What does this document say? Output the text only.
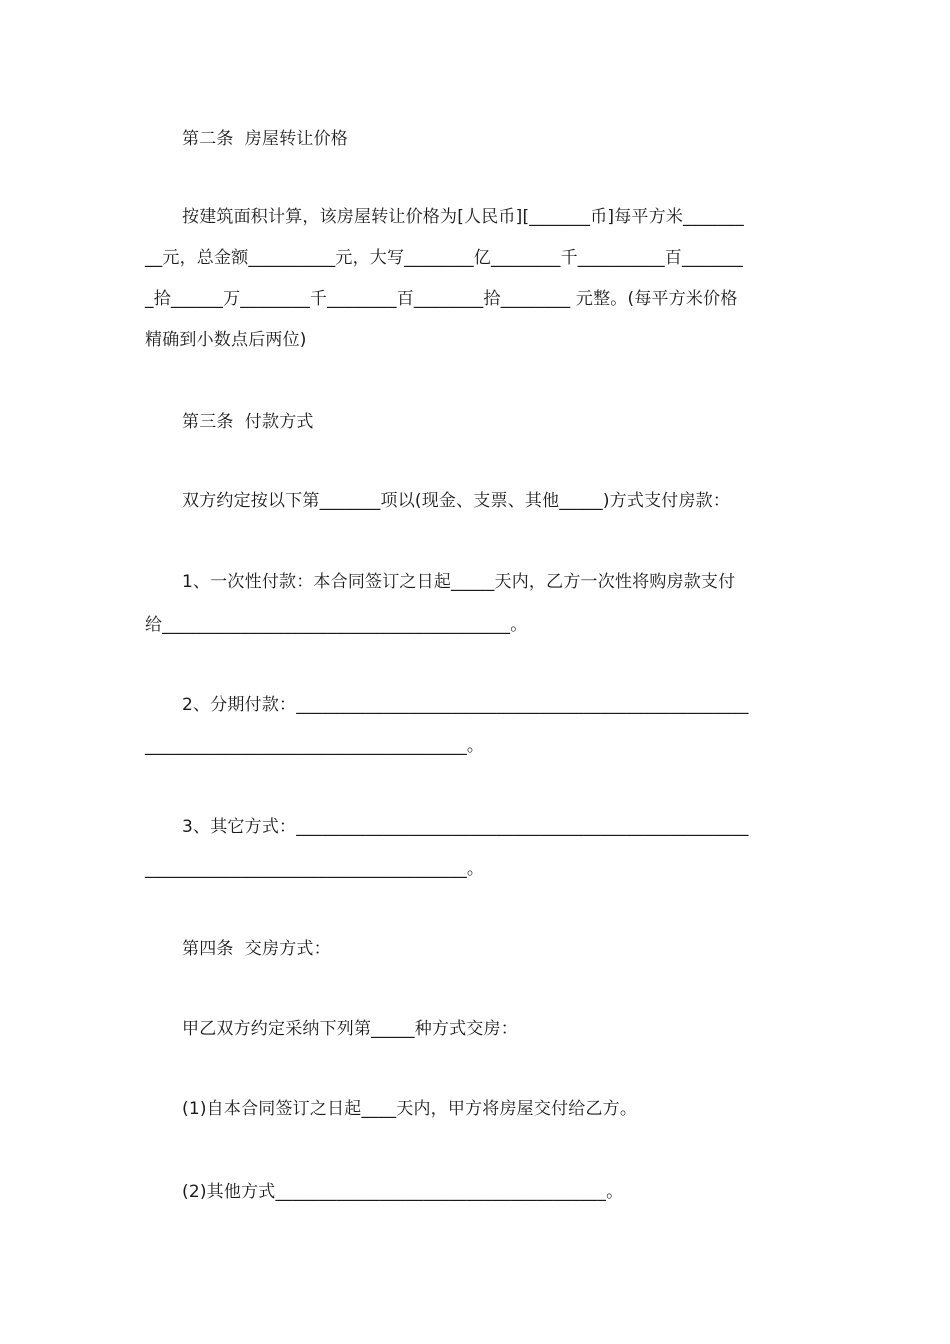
第二条  房屋转让价格
按建筑面积计算，该房屋转让价格为[人民币][_______币]每平方米_______
__元，总金额__________元，大写________亿________千__________百_______
_拾______万________千________百________拾________ 元整。(每平方米价格
精确到小数点后两位)
第三条  付款方式
双方约定按以下第_______项以(现金、支票、其他_____)方式支付房款：
1、一次性付款：本合同签订之日起_____天内，乙方一次性将购房款支付
给________________________________________。
2、分期付款：____________________________________________________
_____________________________________。
3、其它方式：____________________________________________________
_____________________________________。
第四条  交房方式：
甲乙双方约定采纳下列第_____种方式交房：
(1)自本合同签订之日起____天内，甲方将房屋交付给乙方。
(2)其他方式______________________________________。
